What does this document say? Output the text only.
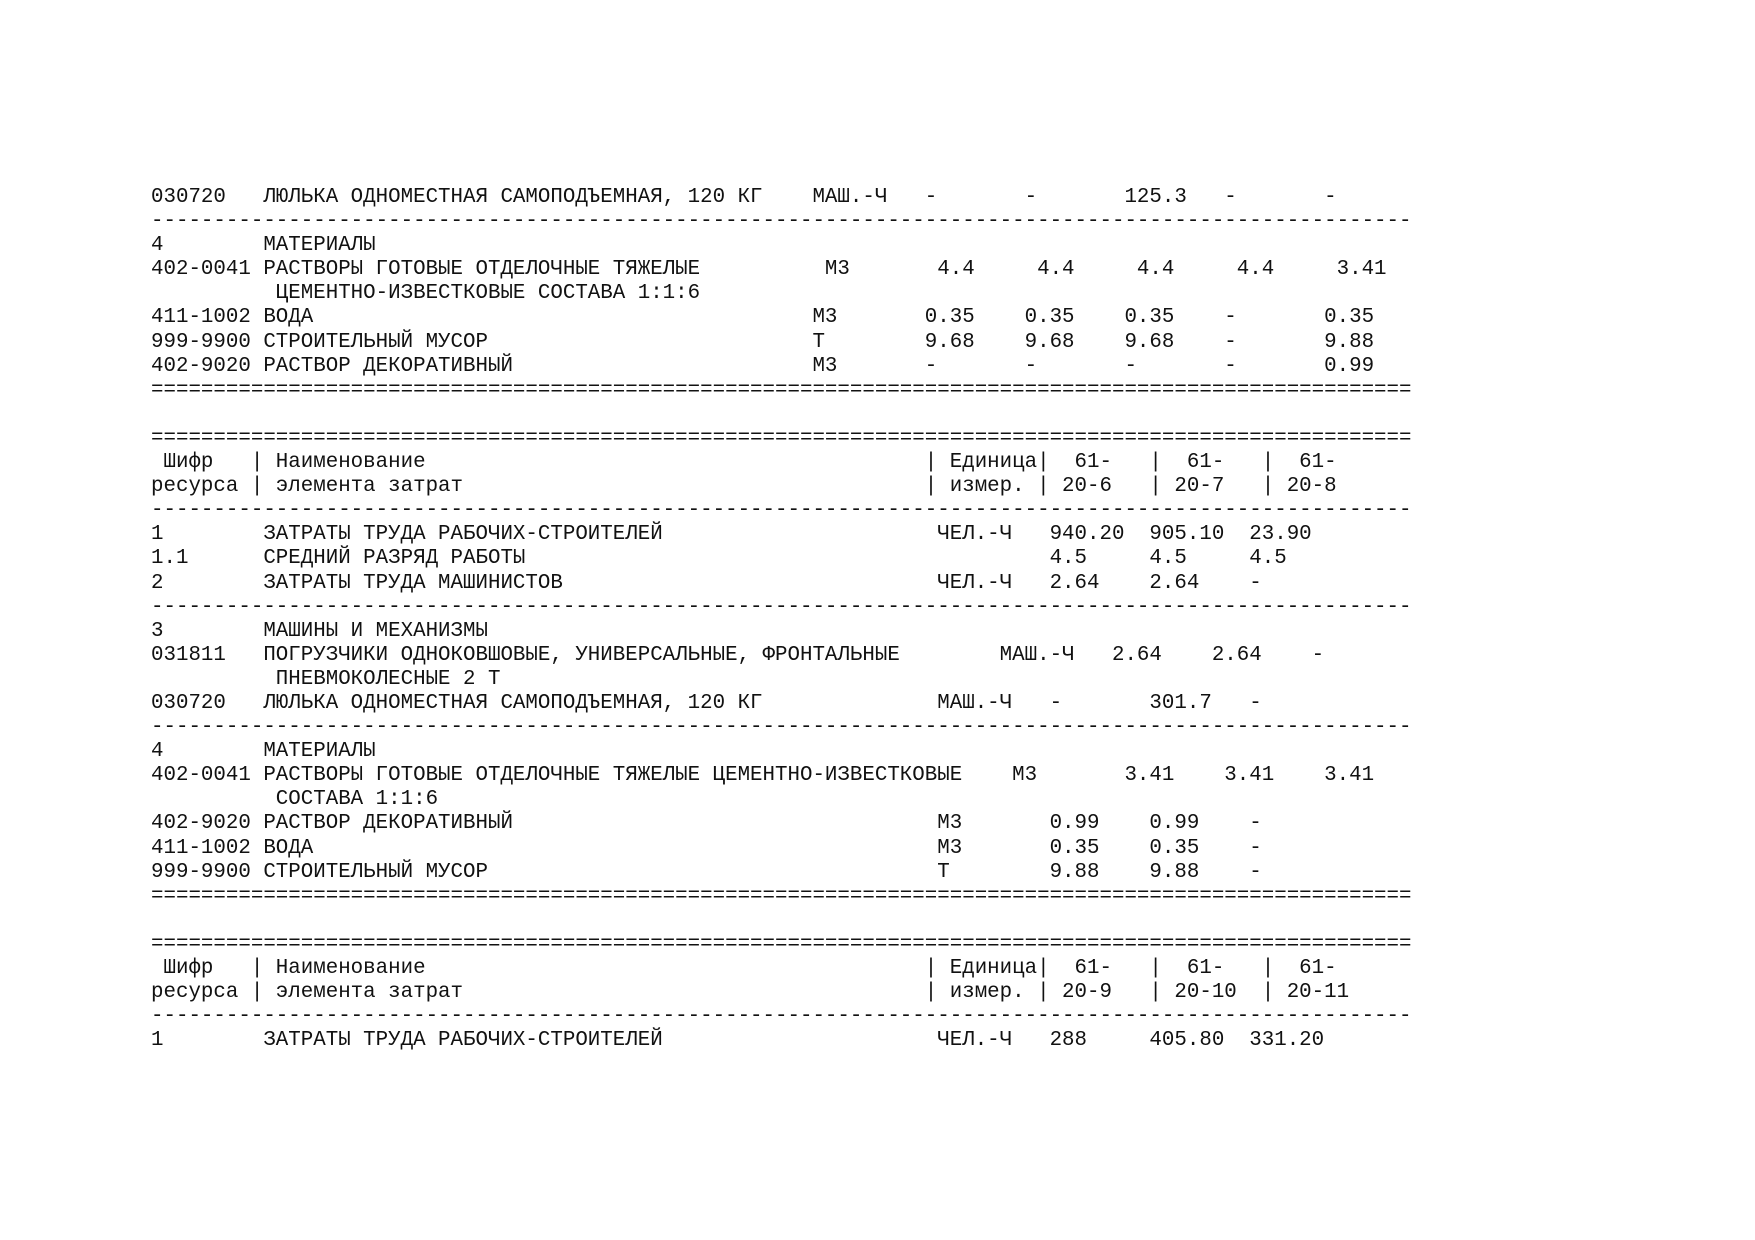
030720   ЛЮЛЬКА ОДНОМЕСТНАЯ САМОПОДЪЕМНАЯ, 120 КГ    МАШ.-Ч   -       -       125.3   -       -
-----------------------------------------------------------------------------------------------------
4        МАТЕРИАЛЫ
402-0041 РАСТВОРЫ ГОТОВЫЕ ОТДЕЛОЧНЫЕ ТЯЖЕЛЫЕ          М3       4.4     4.4     4.4     4.4     3.41
ЦЕМЕНТНО-ИЗВЕСТКОВЫЕ СОСТАВА 1:1:6
411-1002 ВОДА                                        М3       0.35    0.35    0.35    -       0.35
999-9900 СТРОИТЕЛЬНЫЙ МУСОР                          Т        9.68    9.68    9.68    -       9.88
402-9020 РАСТВОР ДЕКОРАТИВНЫЙ                        М3       -       -       -       -       0.99
=====================================================================================================
=====================================================================================================
Шифр   | Наименование                                        | Единица|  61-   |  61-   |  61-
ресурса | элемента затрат                                     | измер. | 20-6   | 20-7   | 20-8
-----------------------------------------------------------------------------------------------------
1        ЗАТРАТЫ ТРУДА РАБОЧИХ-СТРОИТЕЛЕЙ                      ЧЕЛ.-Ч   940.20  905.10  23.90
1.1      СРЕДНИЙ РАЗРЯД РАБОТЫ                                          4.5     4.5     4.5
2        ЗАТРАТЫ ТРУДА МАШИНИСТОВ                              ЧЕЛ.-Ч   2.64    2.64    -
-----------------------------------------------------------------------------------------------------
3        МАШИНЫ И МЕХАНИЗМЫ
031811   ПОГРУЗЧИКИ ОДНОКОВШОВЫЕ, УНИВЕРСАЛЬНЫЕ, ФРОНТАЛЬНЫЕ        МАШ.-Ч   2.64    2.64    -
ПНЕВМОКОЛЕСНЫЕ 2 Т
030720   ЛЮЛЬКА ОДНОМЕСТНАЯ САМОПОДЪЕМНАЯ, 120 КГ              МАШ.-Ч   -       301.7   -
-----------------------------------------------------------------------------------------------------
4        МАТЕРИАЛЫ
402-0041 РАСТВОРЫ ГОТОВЫЕ ОТДЕЛОЧНЫЕ ТЯЖЕЛЫЕ ЦЕМЕНТНО-ИЗВЕСТКОВЫЕ    М3       3.41    3.41    3.41
СОСТАВА 1:1:6
402-9020 РАСТВОР ДЕКОРАТИВНЫЙ                                  М3       0.99    0.99    -
411-1002 ВОДА                                                  М3       0.35    0.35    -
999-9900 СТРОИТЕЛЬНЫЙ МУСОР                                    Т        9.88    9.88    -
=====================================================================================================
=====================================================================================================
Шифр   | Наименование                                        | Единица|  61-   |  61-   |  61-
ресурса | элемента затрат                                     | измер. | 20-9   | 20-10  | 20-11
-----------------------------------------------------------------------------------------------------
1        ЗАТРАТЫ ТРУДА РАБОЧИХ-СТРОИТЕЛЕЙ                      ЧЕЛ.-Ч   288     405.80  331.20
